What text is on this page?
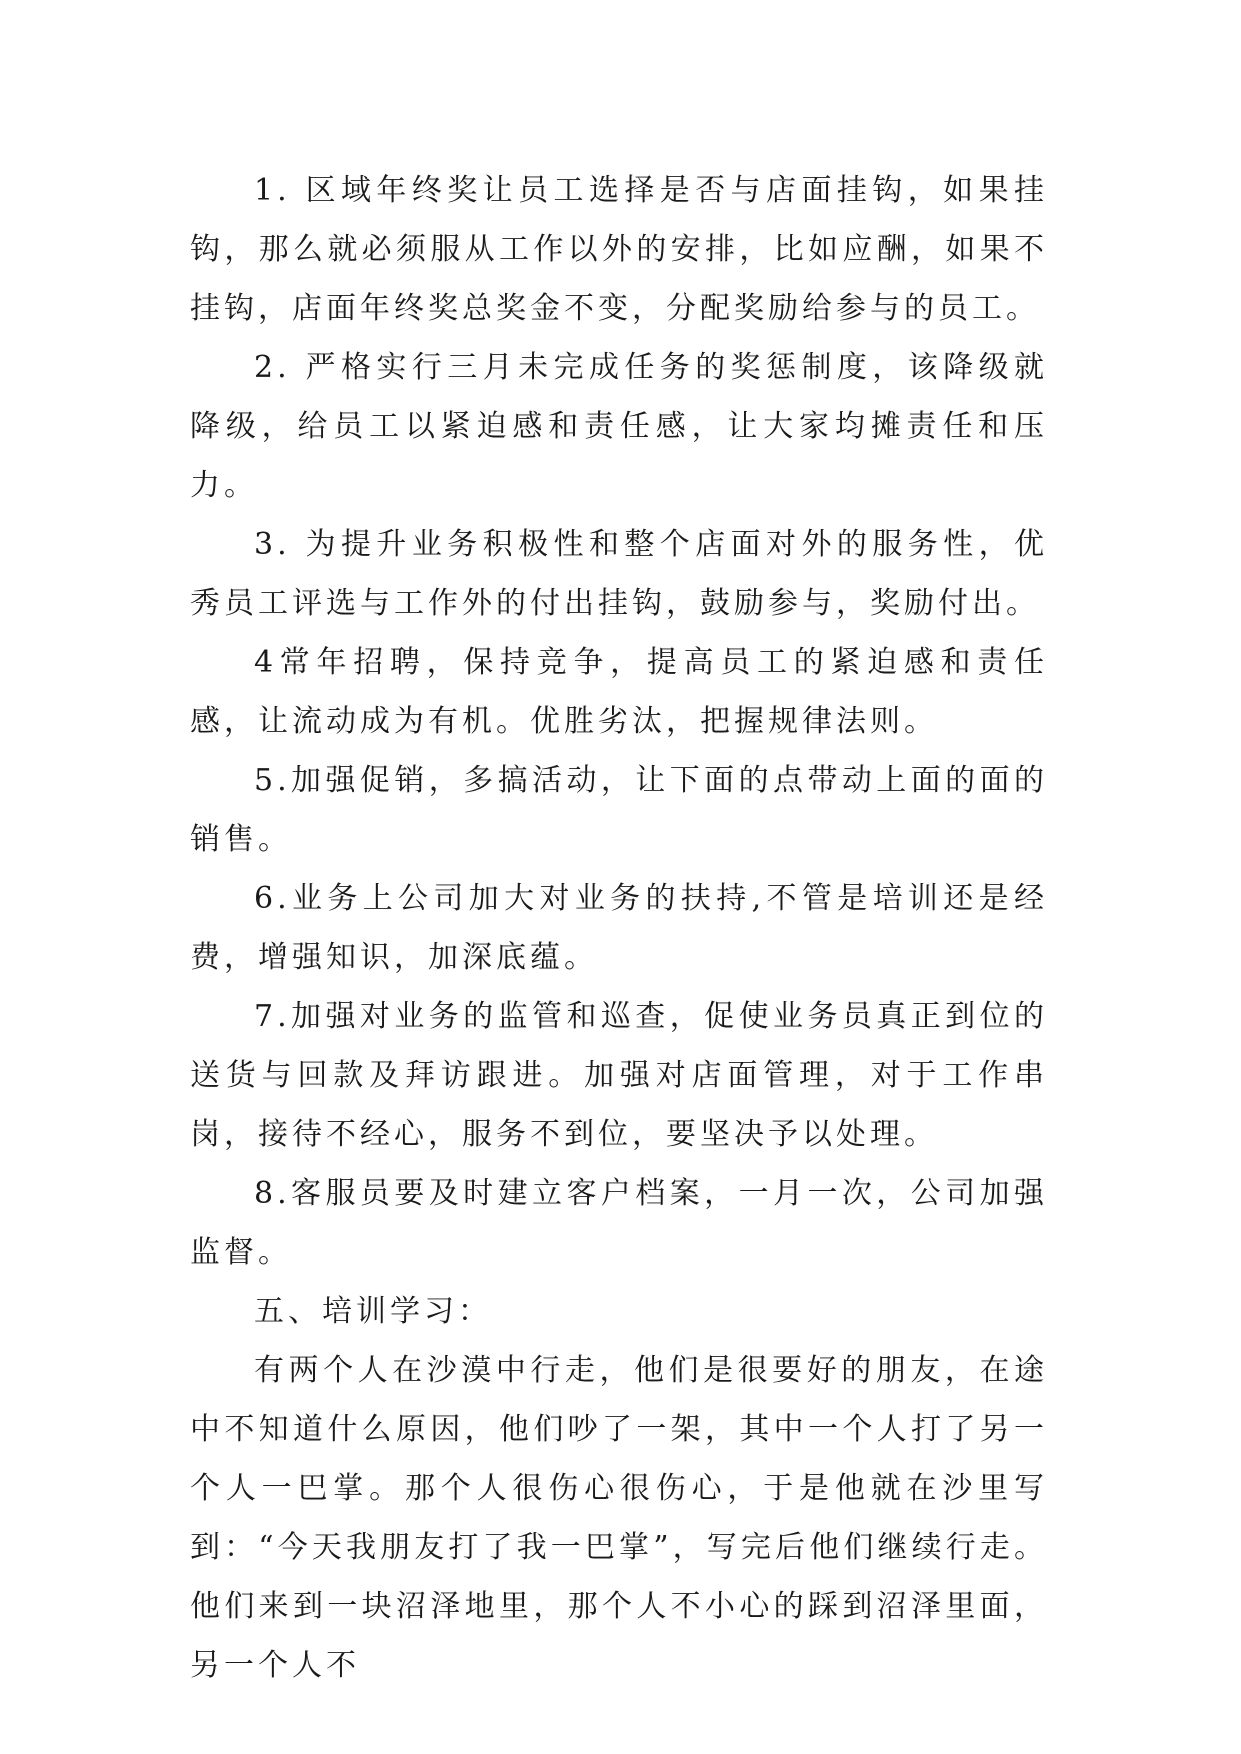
1. 区域年终奖让员工选择是否与店面挂钩，如果挂钩，那么就必须服从工作以外的安排，比如应酬，如果不挂钩，店面年终奖总奖金不变，分配奖励给参与的员工。

2. 严格实行三月未完成任务的奖惩制度，该降级就降级，给员工以紧迫感和责任感，让大家均摊责任和压力。

3. 为提升业务积极性和整个店面对外的服务性，优秀员工评选与工作外的付出挂钩，鼓励参与，奖励付出。

4常年招聘，保持竞争，提高员工的紧迫感和责任感，让流动成为有机。优胜劣汰，把握规律法则。

5.加强促销，多搞活动，让下面的点带动上面的面的销售。

6.业务上公司加大对业务的扶持,不管是培训还是经费，增强知识，加深底蕴。

7.加强对业务的监管和巡查，促使业务员真正到位的送货与回款及拜访跟进。加强对店面管理，对于工作串岗，接待不经心，服务不到位，要坚决予以处理。

8.客服员要及时建立客户档案，一月一次，公司加强监督。

五、培训学习：

有两个人在沙漠中行走，他们是很要好的朋友，在途中不知道什么原因，他们吵了一架，其中一个人打了另一个人一巴掌。那个人很伤心很伤心，于是他就在沙里写到：“今天我朋友打了我一巴掌”，写完后他们继续行走。他们来到一块沼泽地里，那个人不小心的踩到沼泽里面，另一个人不
